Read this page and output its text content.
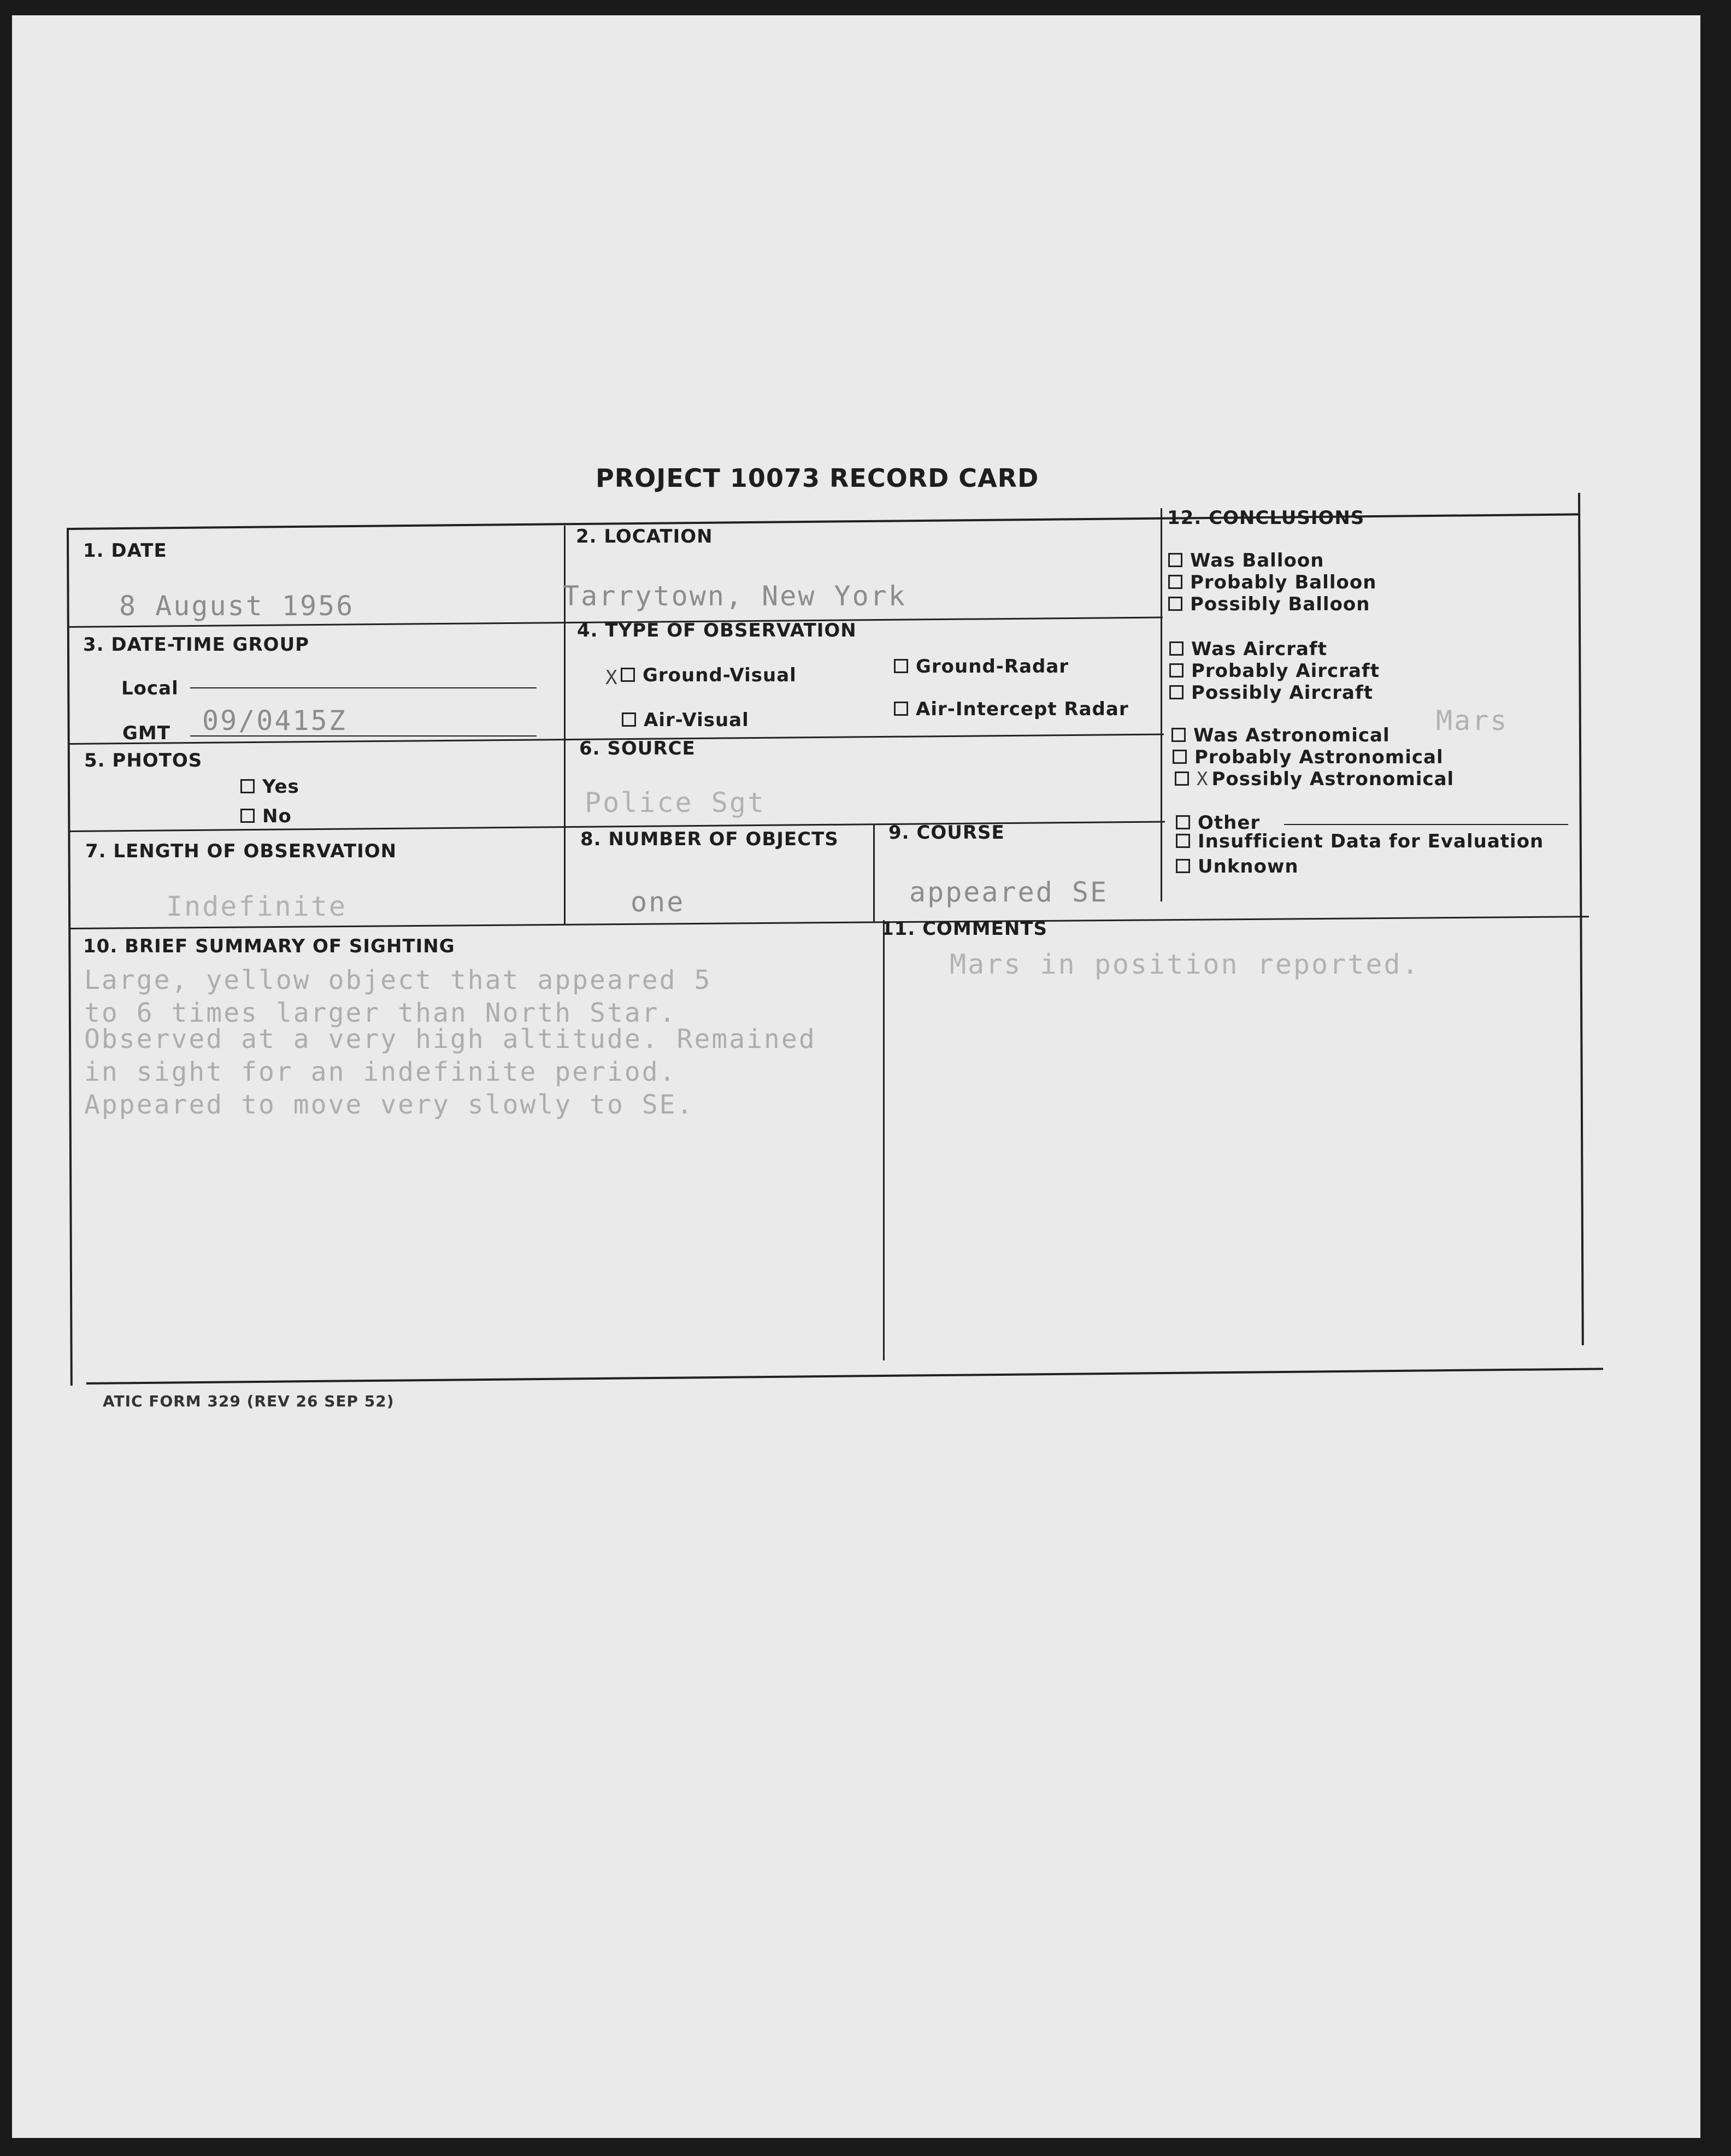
PROJECT 10073 RECORD CARD
1. DATE
8 August 1956
2. LOCATION
Tarrytown, New York
3. DATE-TIME GROUP
Local
GMT 09/0415Z
4. TYPE OF OBSERVATION
X	Ground-Visual	Ground-Radar
Air-Visual	Air-Intercept Radar
5. PHOTOS
Yes
No
6. SOURCE
Police Sgt
7. LENGTH OF OBSERVATION
Indefinite
8. NUMBER OF OBJECTS
one
9. COURSE
appeared SE
10. BRIEF SUMMARY OF SIGHTING
Large, yellow object that appeared 5
to 6 times larger than North Star.
Observed at a very high altitude. Remained
in sight for an indefinite period.
Appeared to move very slowly to SE.
11. COMMENTS
Mars in position reported.
12. CONCLUSIONS
Was Balloon
Probably Balloon
Possibly Balloon
Was Aircraft
Probably Aircraft
Possibly Aircraft
Was Astronomical Mars
Probably Astronomical
X Possibly Astronomical
Other
Insufficient Data for Evaluation
Unknown
ATIC FORM 329 (REV 26 SEP 52)
